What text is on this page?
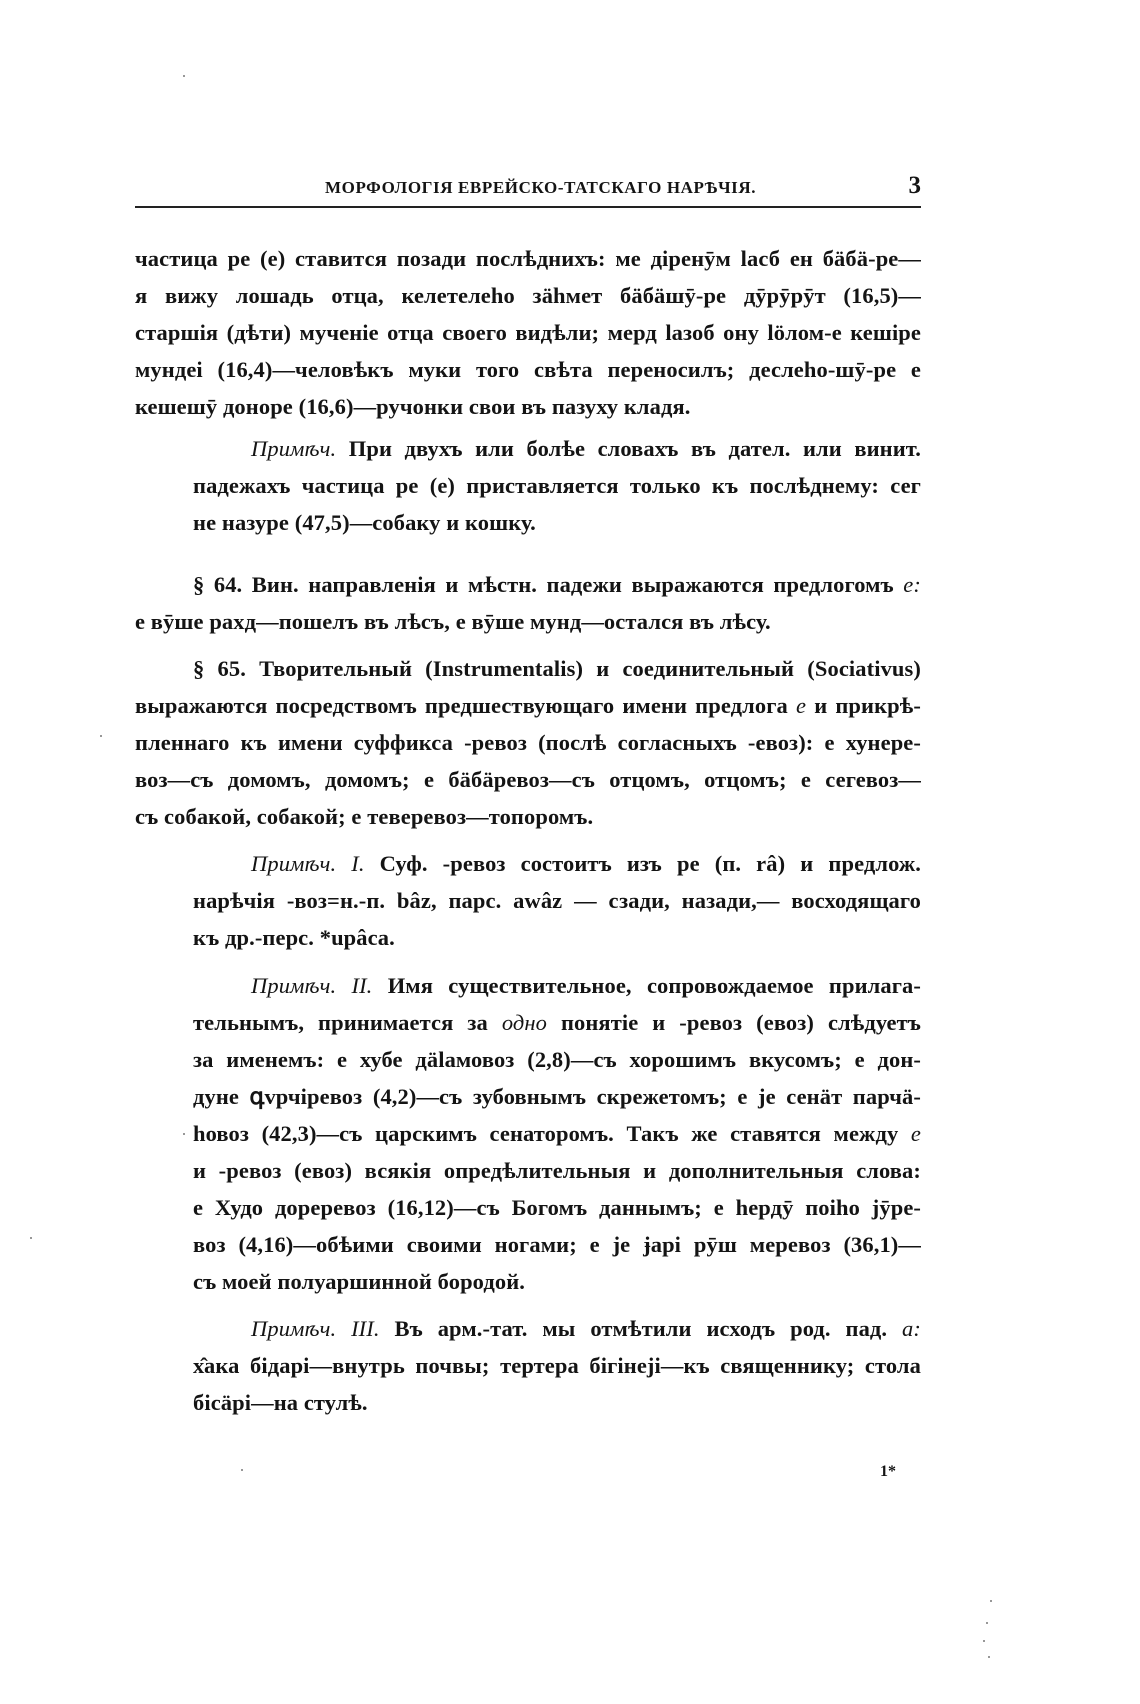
МОРФОЛОГІЯ ЕВРЕЙСКО-ТАТСКАГО НАРѢЧІЯ.	3
частица ре (е) ставится позади послѣднихъ: ме діренӯм ӏасб ен бäбä-ре—
я вижу лошадь отца, келетелеһо зäһмет бäбäшӯ-ре дӯрӯрӯт (16,5)—
старшія (дѣти) мученіе отца своего видѣли; мерд ӏазоб ону ӏӧлом-е кешіре
мундеі (16,4)—человѣкъ муки того свѣта переносилъ; деслеһо-шӯ-ре е
кешешӯ доноре (16,6)—ручонки свои въ пазуху кладя.
Примѣч. При двухъ или болѣе словахъ въ дател. или винит.
падежахъ частица ре (е) приставляется только къ послѣднему: сег
не назуре (47,5)—собаку и кошку.
§ 64. Вин. направленія и мѣстн. падежи выражаются предлогомъ е:
е вӯше рахд—пошелъ въ лѣсъ, е вӯше мунд—остался въ лѣсу.
§ 65. Творительный (Instrumentalis) и соединительный (Sociativus)
выражаются посредствомъ предшествующаго имени предлога е и прикрѣ-
пленнаго къ имени суффикса -ревоз (послѣ согласныхъ -евоз): е хунере-
воз—съ домомъ, домомъ; е бäбäревоз—съ отцомъ, отцомъ; е сегевоз—
съ собакой, собакой; е теверевоз—топоромъ.
Примѣч. I. Суф. -ревоз состоитъ изъ ре (п. râ) и предлож.
нарѣчія -воз=н.-п. bâz, парс. awâz — сзади, назади,— восходящаго
къ др.-перс. *upâca.
Примѣч. II. Имя существительное, сопровождаемое прилага-
тельнымъ, принимается за одно понятіе и -ревоз (евоз) слѣдуетъ
за именемъ: е хубе дäӏамовоз (2,8)—съ хорошимъ вкусомъ; е дон-
дуне գvрчіревоз (4,2)—съ зубовнымъ скрежетомъ; е je сенäт парчä-
һовоз (42,3)—съ царскимъ сенаторомъ. Такъ же ставятся между е
и -ревоз (евоз) всякія опредѣлительныя и дополнительныя слова:
е Худо дореревоз (16,12)—съ Богомъ даннымъ; е һердӯ поіһо jӯре-
воз (4,16)—обѣими своими ногами; е je ɉарі рӯш меревоз (36,1)—
съ моей полуаршинной бородой.
Примѣч. III. Въ арм.-тат. мы отмѣтили исходъ род. пад. а:
х̂ака бідарі—внутрь почвы; тертера бігінеjі—къ священнику; стола
бісäрі—на стулѣ.
1*
